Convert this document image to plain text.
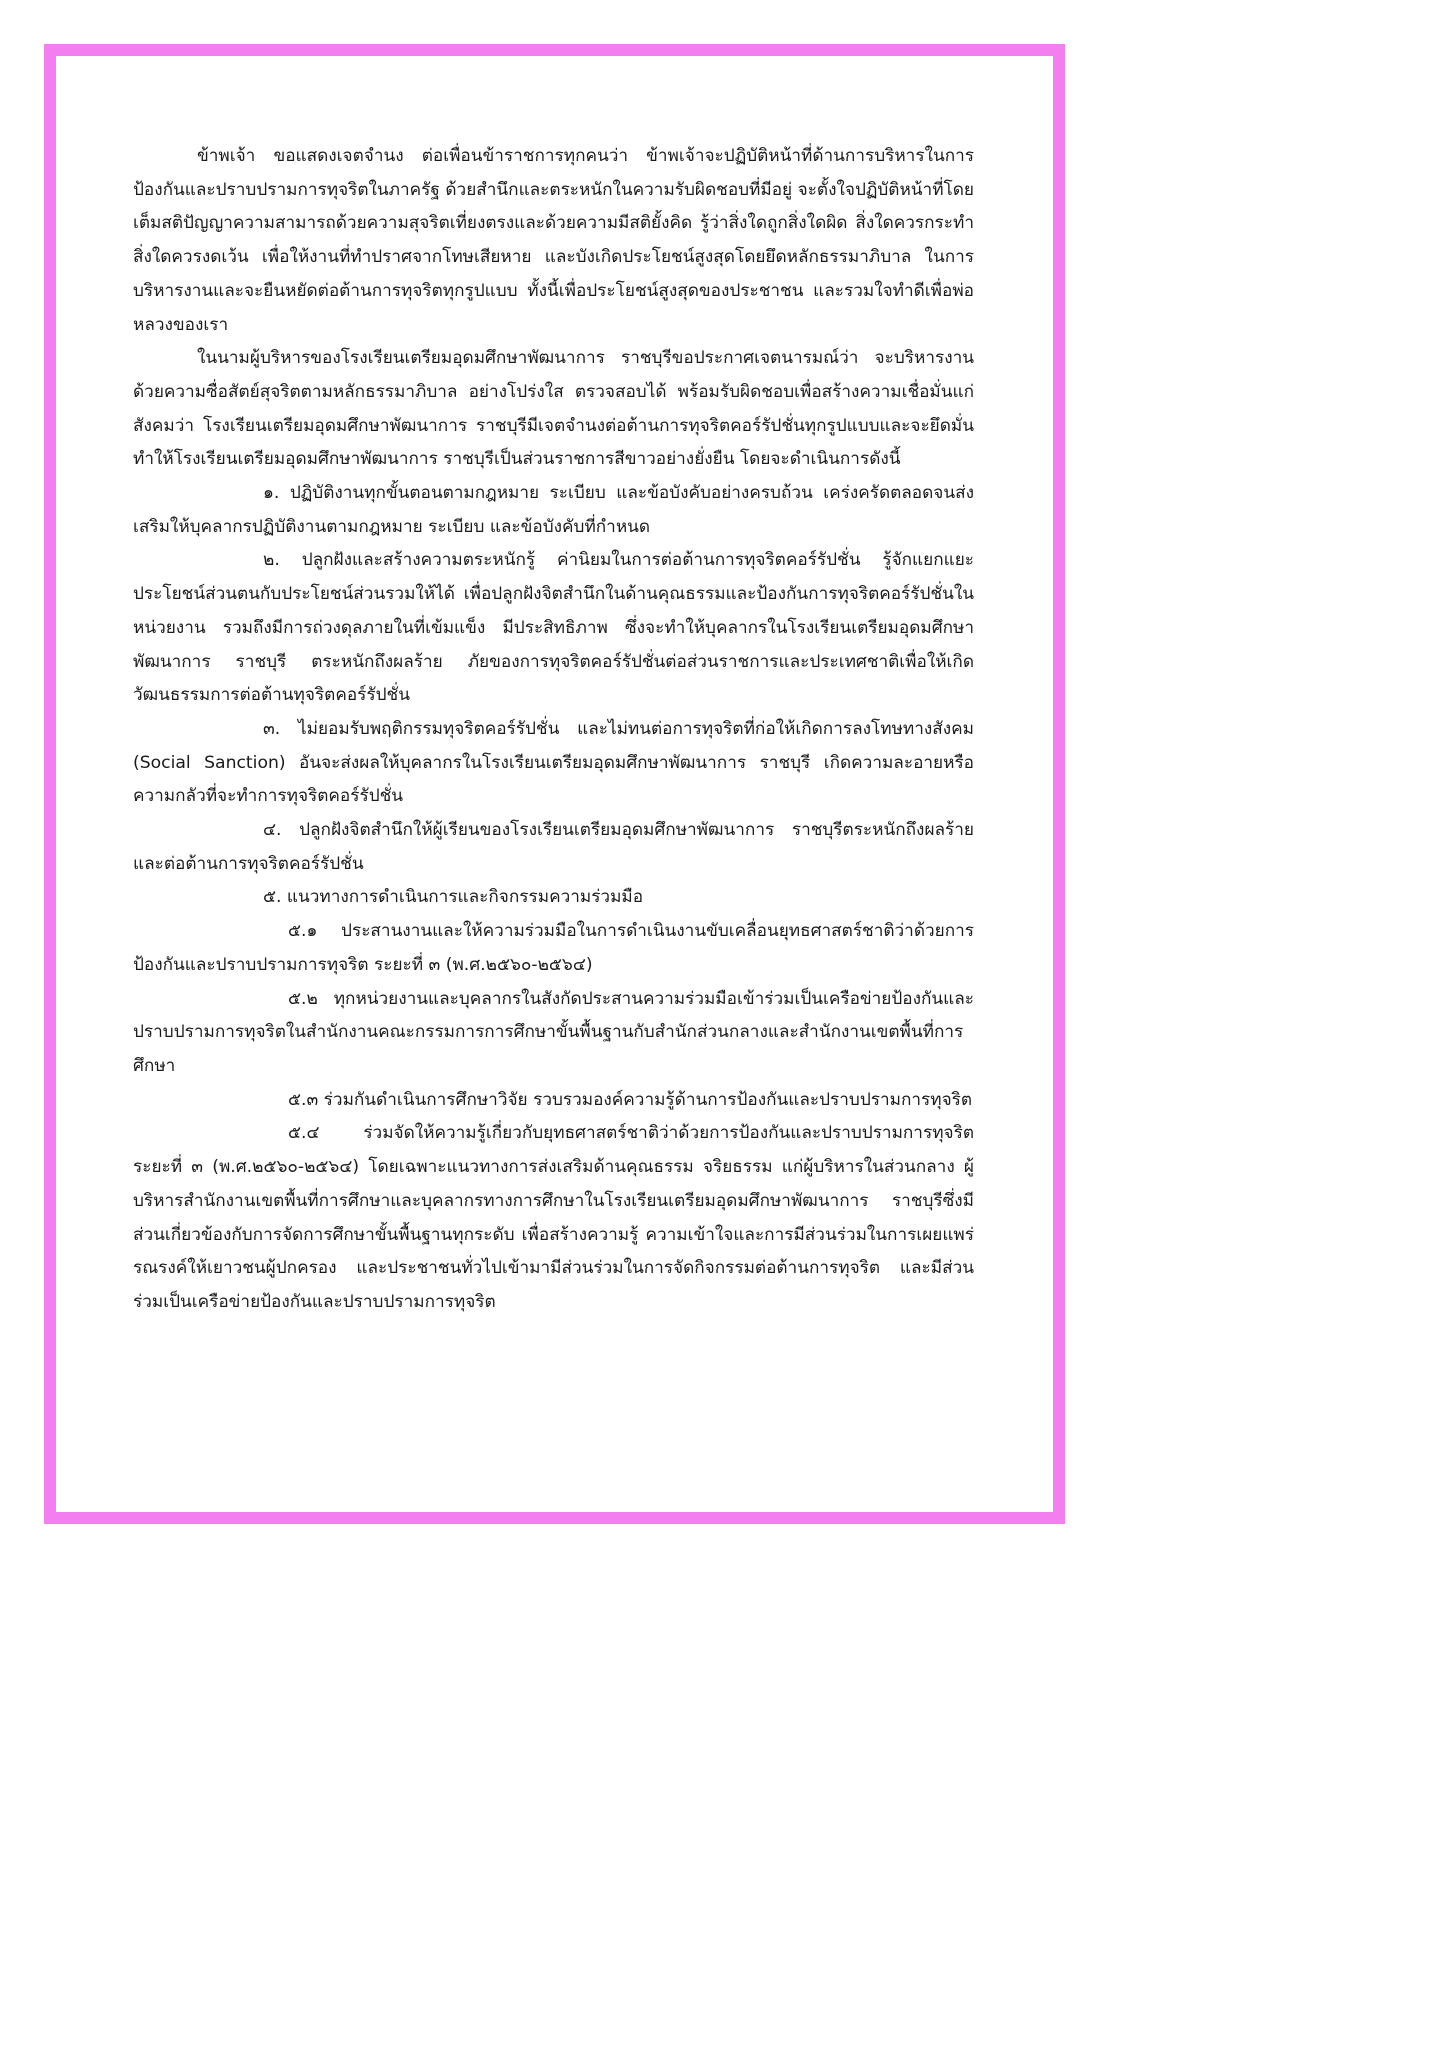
ข้าพเจ้า ขอแสดงเจตจำนง ต่อเพื่อนข้าราชการทุกคนว่า ข้าพเจ้าจะปฏิบัติหน้าที่ด้านการบริหารในการป้องกันและปราบปรามการทุจริตในภาครัฐ ด้วยสำนึกและตระหนักในความรับผิดชอบที่มีอยู่ จะตั้งใจปฏิบัติหน้าที่โดยเต็มสติปัญญาความสามารถด้วยความสุจริตเที่ยงตรงและด้วยความมีสติยั้งคิด รู้ว่าสิ่งใดถูกสิ่งใดผิด สิ่งใดควรกระทำสิ่งใดควรงดเว้น เพื่อให้งานที่ทำปราศจากโทษเสียหาย และบังเกิดประโยชน์สูงสุดโดยยึดหลักธรรมาภิบาล ในการบริหารงานและจะยืนหยัดต่อต้านการทุจริตทุกรูปแบบ ทั้งนี้เพื่อประโยชน์สูงสุดของประชาชน และรวมใจทำดีเพื่อพ่อหลวงของเรา

ในนามผู้บริหารของโรงเรียนเตรียมอุดมศึกษาพัฒนาการ ราชบุรีขอประกาศเจตนารมณ์ว่า จะบริหารงานด้วยความซื่อสัตย์สุจริตตามหลักธรรมาภิบาล อย่างโปร่งใส ตรวจสอบได้ พร้อมรับผิดชอบเพื่อสร้างความเชื่อมั่นแก่สังคมว่า โรงเรียนเตรียมอุดมศึกษาพัฒนาการ ราชบุรีมีเจตจำนงต่อต้านการทุจริตคอร์รัปชั่นทุกรูปแบบและจะยึดมั่นทำให้โรงเรียนเตรียมอุดมศึกษาพัฒนาการ ราชบุรีเป็นส่วนราชการสีขาวอย่างยั่งยืน โดยจะดำเนินการดังนี้

๑. ปฏิบัติงานทุกขั้นตอนตามกฎหมาย ระเบียบ และข้อบังคับอย่างครบถ้วน เคร่งครัดตลอดจนส่งเสริมให้บุคลากรปฏิบัติงานตามกฎหมาย ระเบียบ และข้อบังคับที่กำหนด

๒. ปลูกฝังและสร้างความตระหนักรู้ ค่านิยมในการต่อต้านการทุจริตคอร์รัปชั่น รู้จักแยกแยะประโยชน์ส่วนตนกับประโยชน์ส่วนรวมให้ได้ เพื่อปลูกฝังจิตสำนึกในด้านคุณธรรมและป้องกันการทุจริตคอร์รัปชั่นในหน่วยงาน รวมถึงมีการถ่วงดุลภายในที่เข้มแข็ง มีประสิทธิภาพ ซึ่งจะทำให้บุคลากรในโรงเรียนเตรียมอุดมศึกษาพัฒนาการ ราชบุรี ตระหนักถึงผลร้าย ภัยของการทุจริตคอร์รัปชั่นต่อส่วนราชการและประเทศชาติเพื่อให้เกิดวัฒนธรรมการต่อต้านทุจริตคอร์รัปชั่น

๓. ไม่ยอมรับพฤติกรรมทุจริตคอร์รัปชั่น และไม่ทนต่อการทุจริตที่ก่อให้เกิดการลงโทษทางสังคม (Social Sanction) อันจะส่งผลให้บุคลากรในโรงเรียนเตรียมอุดมศึกษาพัฒนาการ ราชบุรี เกิดความละอายหรือความกลัวที่จะทำการทุจริตคอร์รัปชั่น

๔. ปลูกฝังจิตสำนึกให้ผู้เรียนของโรงเรียนเตรียมอุดมศึกษาพัฒนาการ ราชบุรีตระหนักถึงผลร้าย และต่อต้านการทุจริตคอร์รัปชั่น

๕. แนวทางการดำเนินการและกิจกรรมความร่วมมือ

๕.๑ ประสานงานและให้ความร่วมมือในการดำเนินงานขับเคลื่อนยุทธศาสตร์ชาติว่าด้วยการป้องกันและปราบปรามการทุจริต ระยะที่ ๓ (พ.ศ.๒๕๖๐-๒๕๖๔)

๕.๒ ทุกหน่วยงานและบุคลากรในสังกัดประสานความร่วมมือเข้าร่วมเป็นเครือข่ายป้องกันและปราบปรามการทุจริตในสำนักงานคณะกรรมการการศึกษาขั้นพื้นฐานกับสำนักส่วนกลางและสำนักงานเขตพื้นที่การศึกษา

๕.๓ ร่วมกันดำเนินการศึกษาวิจัย รวบรวมองค์ความรู้ด้านการป้องกันและปราบปรามการทุจริต

๕.๔ ร่วมจัดให้ความรู้เกี่ยวกับยุทธศาสตร์ชาติว่าด้วยการป้องกันและปราบปรามการทุจริต ระยะที่ ๓ (พ.ศ.๒๕๖๐-๒๕๖๔) โดยเฉพาะแนวทางการส่งเสริมด้านคุณธรรม จริยธรรม แก่ผู้บริหารในส่วนกลาง ผู้บริหารสำนักงานเขตพื้นที่การศึกษาและบุคลากรทางการศึกษาในโรงเรียนเตรียมอุดมศึกษาพัฒนาการ ราชบุรีซึ่งมีส่วนเกี่ยวข้องกับการจัดการศึกษาขั้นพื้นฐานทุกระดับ เพื่อสร้างความรู้ ความเข้าใจและการมีส่วนร่วมในการเผยแพร่รณรงค์ให้เยาวชนผู้ปกครอง และประชาชนทั่วไปเข้ามามีส่วนร่วมในการจัดกิจกรรมต่อต้านการทุจริต และมีส่วนร่วมเป็นเครือข่ายป้องกันและปราบปรามการทุจริต
